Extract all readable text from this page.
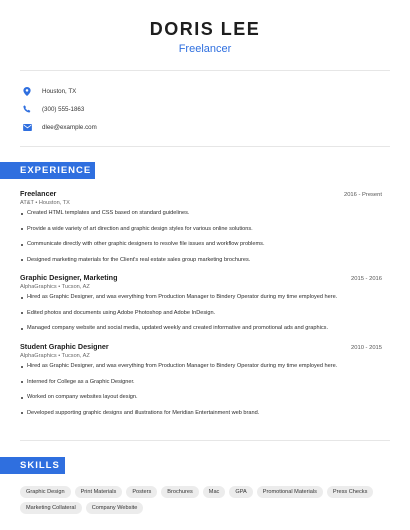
DORIS LEE
Freelancer
Houston, TX
(300) 555-1863
dlee@example.com
EXPERIENCE
Freelancer	2016 - Present
AT&T • Houston, TX
Created HTML templates and CSS based on standard guidelines.
Provide a wide variety of art direction and graphic design styles for various online solutions.
Communicate directly with other graphic designers to resolve file issues and workflow problems.
Designed marketing materials for the Client's real estate sales group marketing brochures.
Graphic Designer, Marketing	2015 - 2016
AlphaGraphics • Tucson, AZ
Hired as Graphic Designer, and was everything from Production Manager to Bindery Operator during my time employed here.
Edited photos and documents using Adobe Photoshop and Adobe InDesign.
Managed company website and social media, updated weekly and created informative and promotional ads and graphics.
Student Graphic Designer	2010 - 2015
AlphaGraphics • Tucson, AZ
Hired as Graphic Designer, and was everything from Production Manager to Bindery Operator during my time employed here.
Interned for College as a Graphic Designer.
Worked on company websites layout design.
Developed supporting graphic designs and illustrations for Meridian Entertainment web brand.
SKILLS
Graphic Design	Print Materials	Posters	Brochures	Mac	GPA	Promotional Materials	Press Checks
Marketing Collateral	Company Website
